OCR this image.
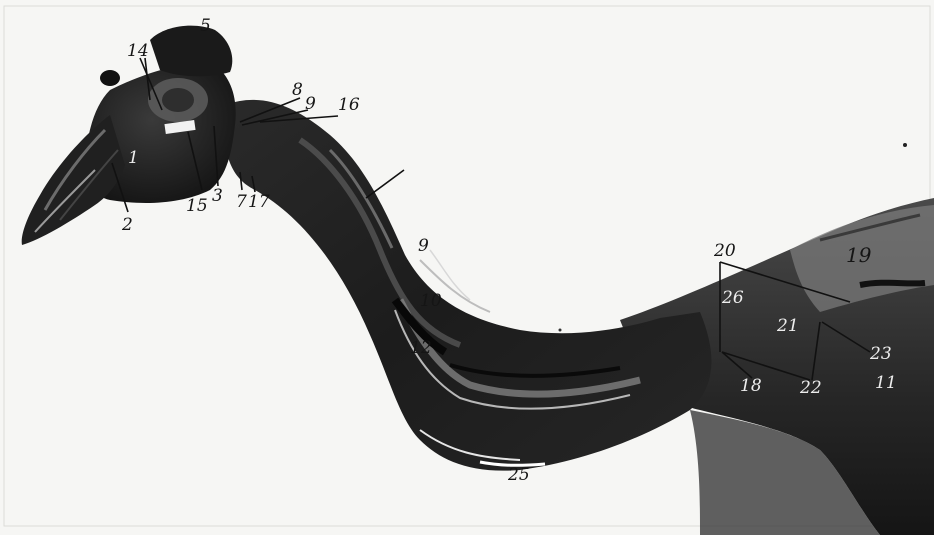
14
5
1
2
15 3 7 17
8
9 16
9
10
12
25
20	19
26
21
18 22
23
11
